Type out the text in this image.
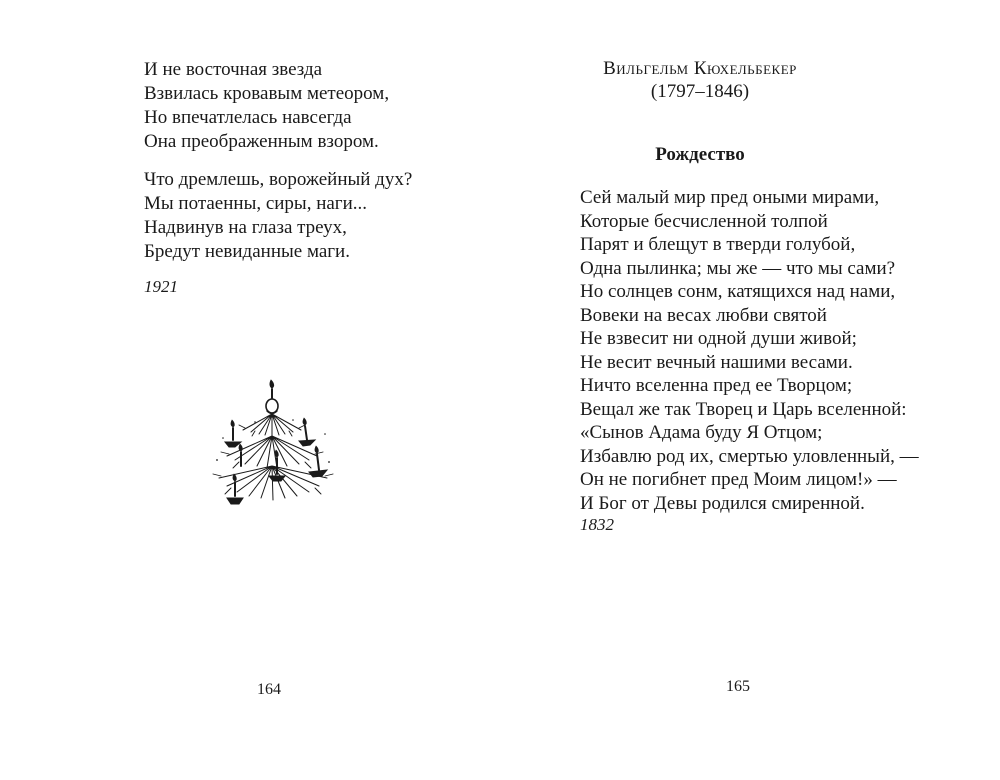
И не восточная звезда
Взвилась кровавым метеором,
Но впечатлелась навсегда
Она преображенным взором.
Что дремлешь, ворожейный дух?
Мы потаенны, сиры, наги...
Надвинув на глаза треух,
Бредут невиданные маги.
1921
164
Вильгельм Кюхельбекер
(1797–1846)
Рождество
Сей малый мир пред оными мирами,
Которые бесчисленной толпой
Парят и блещут в тверди голубой,
Одна пылинка; мы же — что мы сами?
Но солнцев сонм, катящихся над нами,
Вовеки на весах любви святой
Не взвесит ни одной души живой;
Не весит вечный нашими весами.
Ничто вселенна пред ее Творцом;
Вещал же так Творец и Царь вселенной:
«Сынов Адама буду Я Отцом;
Избавлю род их, смертью уловленный, —
Он не погибнет пред Моим лицом!» —
И Бог от Девы родился смиренной.
1832
165
